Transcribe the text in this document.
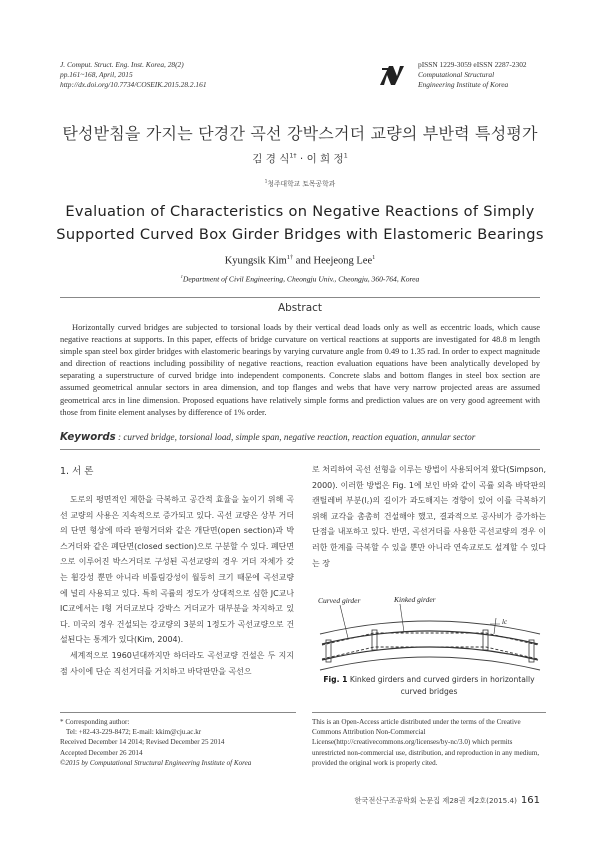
J. Comput. Struct. Eng. Inst. Korea, 28(2)
pp.161~168, April, 2015
http://dx.doi.org/10.7734/COSEIK.2015.28.2.161
pISSN 1229-3059 eISSN 2287-2302
Computational Structural
Engineering Institute of Korea
탄성받침을 가지는 단경간 곡선 강박스거더 교량의 부반력 특성평가
김 경 식$^{1\dagger}$ · 이 희 정$^1$
$^1$청주대학교 토목공학과
Evaluation of Characteristics on Negative Reactions of Simply
Supported Curved Box Girder Bridges with Elastomeric Bearings
Kyungsik Kim$^{1\dagger}$ and Heejeong Lee$^1$
$^1$Department of Civil Engineering, Cheongju Univ., Cheongju, 360-764, Korea
Abstract
Horizontally curved bridges are subjected to torsional loads by their vertical dead loads only as well as eccentric loads, which cause negative reactions at supports. In this paper, effects of bridge curvature on vertical reactions at supports are investigated for 48.8 m length simple span steel box girder bridges with elastomeric bearings by varying curvature angle from 0.49 to 1.35 rad. In order to expect magnitude and direction of reactions including possibility of negative reactions, reaction evaluation equations have been analytically developed by separating a superstructure of curved bridge into independent components. Concrete slabs and bottom flanges in steel box section are assumed geometrical annular sectors in area dimension, and top flanges and webs that have very narrow projected areas are assumed geometrical arcs in line dimension. Proposed equations have relatively simple forms and prediction values are on very good agreement with those from finite element analyses by difference of 1% order.
Keywords : curved bridge, torsional load, simple span, negative reaction, reaction equation, annular sector
1. 서 론

도로의 평면적인 제한을 극복하고 공간적 효율을 높이기 위해 곡선 교량의 사용은 지속적으로 증가되고 있다. 곡선 교량은 상부 거더의 단면 형상에 따라 판형거더와 같은 개단면(open section)과 박스거더와 같은 폐단면(closed section)으로 구분할 수 있다. 폐단면으로 이루어진 박스거더로 구성된 곡선교량의 경우 거더 자체가 갖는 휨강성 뿐만 아니라 비틀림강성이 월등히 크기 때문에 곡선교량에 널리 사용되고 있다. 특히 곡률의 정도가 상대적으로 심한 JC교나 IC교에서는 I형 거더교보다 강박스 거더교가 대부분을 차지하고 있다. 미국의 경우 건설되는 강교량의 3분의 1정도가 곡선교량으로 건설된다는 통계가 있다(Kim, 2004).

세계적으로 1960년대까지만 하더라도 곡선교량 건설은 두 지지점 사이에 단순 직선거더를 거치하고 바닥판만을 곡선으

로 처리하여 곡선 선형을 이루는 방법이 사용되어져 왔다(Simpson, 2000). 이러한 방법은 Fig. 1에 보인 바와 같이 곡률 외측 바닥판의 캔틸레버 부분(l꜀)의 길이가 과도해지는 경향이 있어 이를 극복하기 위해 교각을 촘촘히 건설해야 했고, 결과적으로 공사비가 증가하는 단점을 내포하고 있다. 반면, 곡선거더를 사용한 곡선교량의 경우 이러한 한계를 극복할 수 있을 뿐만 아니라 연속교로도 설계할 수 있다는 장

Curved girder	Kinked girder
lc
Fig. 1 Kinked girders and curved girders in horizontally curved bridges
* Corresponding author:
Tel: +82-43-229-8472; E-mail: kkim@cju.ac.kr
Received December 14 2014; Revised December 25 2014
Accepted December 26 2014
©2015 by Computational Structural Engineering Institute of Korea
This is an Open-Access article distributed under the terms of the Creative Commons Attribution Non-Commercial License(http://creativecommons.org/licenses/by-nc/3.0) which permits unrestricted non-commercial use, distribution, and reproduction in any medium, provided the original work is properly cited.
한국전산구조공학회 논문집 제28권 제2호(2015.4) 161
